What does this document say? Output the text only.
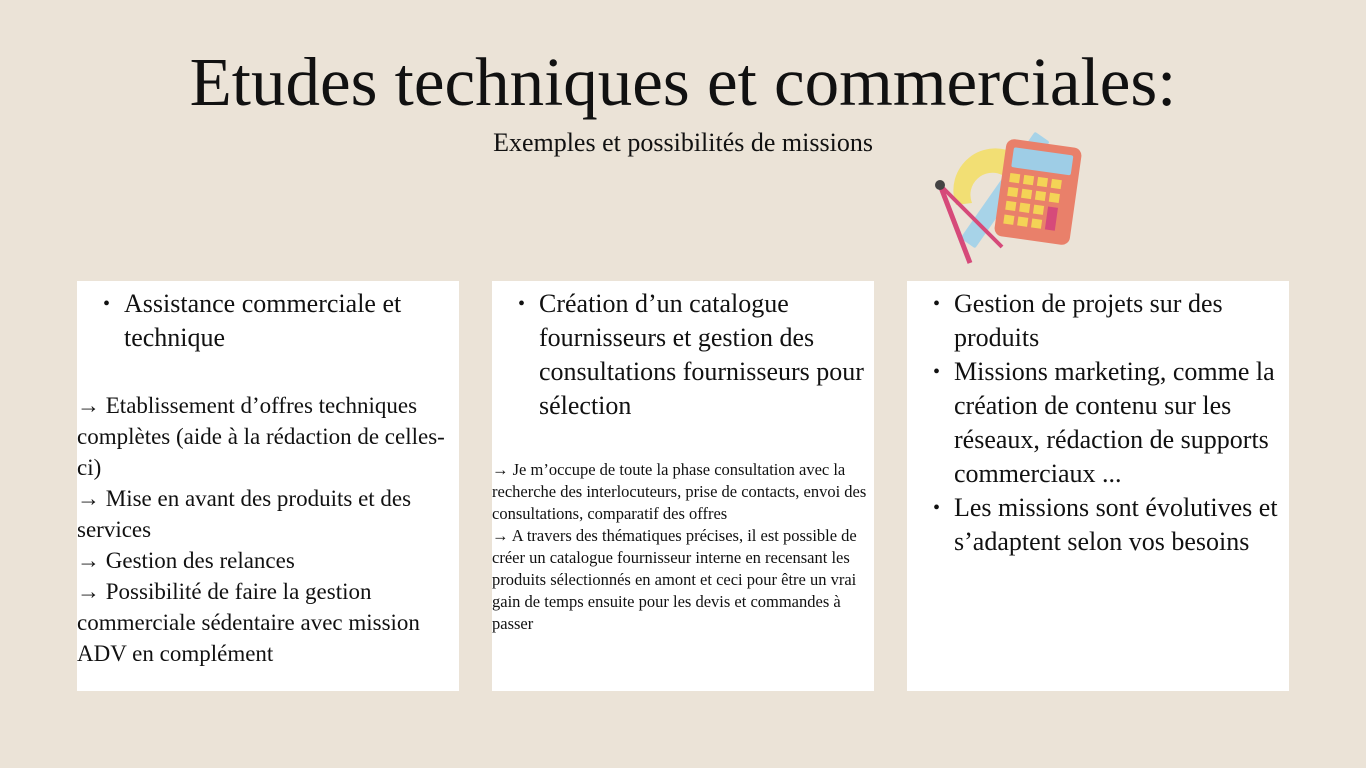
Etudes techniques et commerciales:
Exemples et possibilités de missions
• Assistance commerciale et technique

→ Etablissement d’offres techniques complètes (aide à la rédaction de celles-ci)

→ Mise en avant des produits et des services

→ Gestion des relances

→ Possibilité de faire la gestion commerciale sédentaire avec mission ADV en complément

• Création d’un catalogue fournisseurs et gestion des consultations fournisseurs pour sélection

→ Je m’occupe de toute la phase consultation avec la recherche des interlocuteurs, prise de contacts, envoi des consultations, comparatif des offres

→ A travers des thématiques précises, il est possible de créer un catalogue fournisseur interne en recensant les produits sélectionnés en amont et ceci pour être un vrai gain de temps ensuite pour les devis et commandes à passer

• Gestion de projets sur des produits
• Missions marketing, comme la création de contenu sur les réseaux, rédaction de supports commerciaux ...
• Les missions sont évolutives et s’adaptent selon vos besoins
